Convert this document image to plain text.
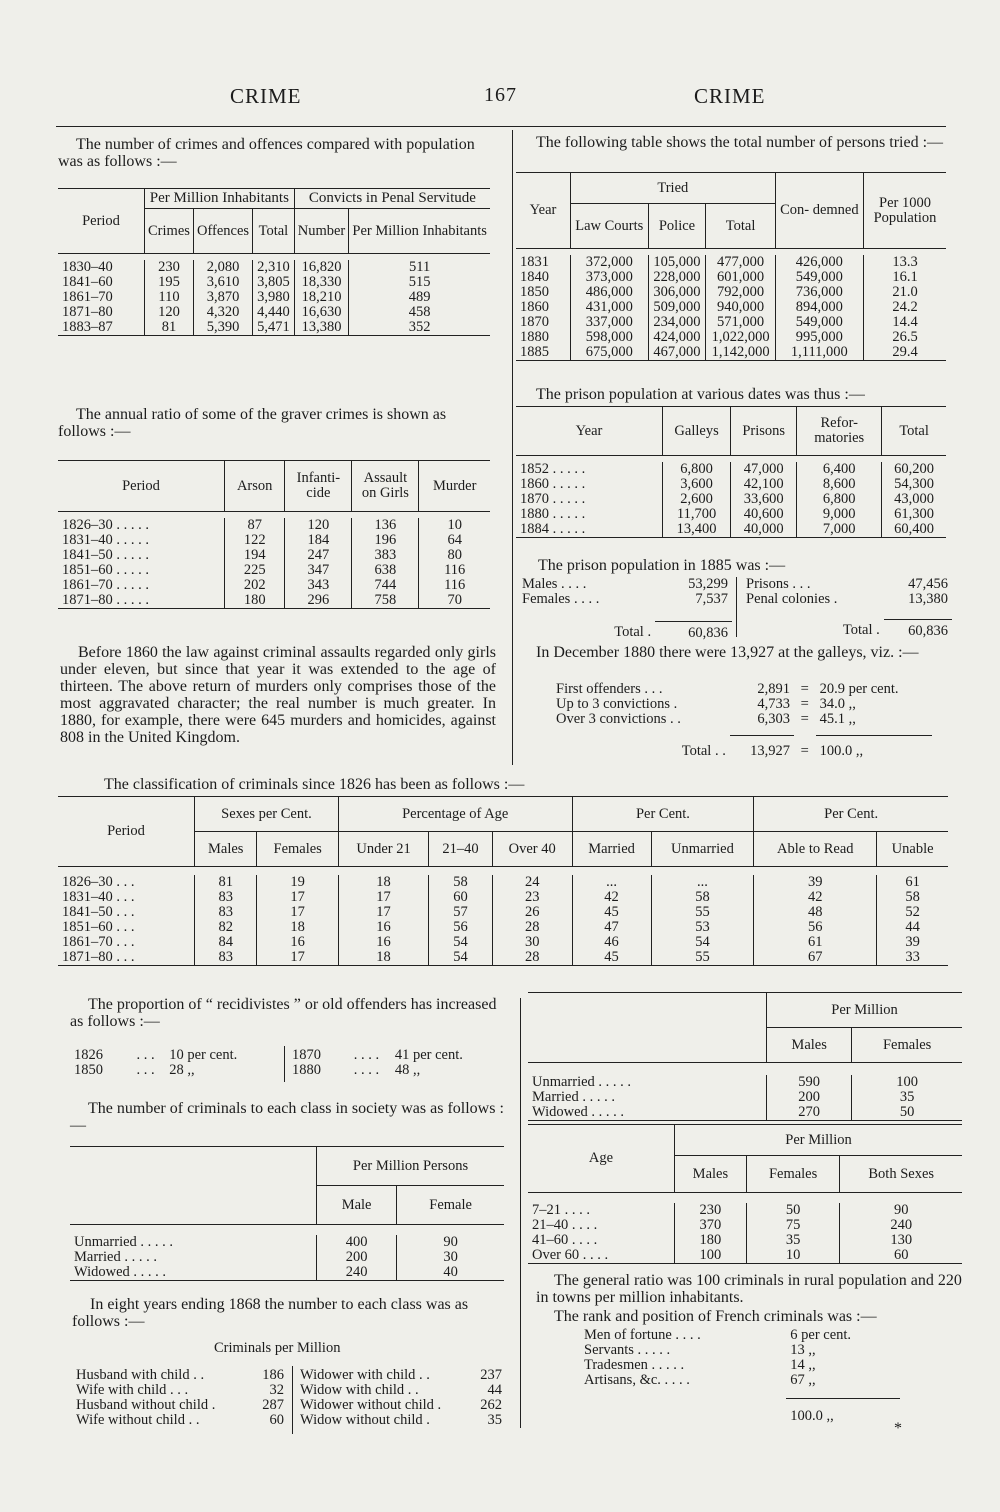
CRIME	167	CRIME

The number of crimes and offences compared with population was as follows :—

Period	Per Million Inhabitants			Convicts in Penal Servitude	
	Crimes	Offences	Total	Number	Per Million Inhabitants

1830–40	230	2,080	2,310	16,820	511
1841–60	195	3,610	3,805	18,330	515
1861–70	110	3,870	3,980	18,210	489
1871–80	120	4,320	4,440	16,630	458
1883–87	81	5,390	5,471	13,380	352

The annual ratio of some of the graver crimes is shown as follows :—

Period	Arson	Infanti- cide	Assault on Girls	Murder

1826–30 . . . . .	87	120	136	10
1831–40 . . . . .	122	184	196	64
1841–50 . . . . .	194	247	383	80
1851–60 . . . . .	225	347	638	116
1861–70 . . . . .	202	343	744	116
1871–80 . . . . .	180	296	758	70

Before 1860 the law against criminal assaults regarded only girls under eleven, but since that year it was extended to the age of thirteen. The above return of murders only comprises those of the most aggravated character; the real number is much greater. In 1880, for example, there were 645 murders and homicides, against 808 in the United Kingdom.

The following table shows the total number of persons tried :—

Year	Tried			Con- demned	Per 1000 Population
	Law Courts	Police	Total		

1831	372,000	105,000	477,000	426,000	13.3
1840	373,000	228,000	601,000	549,000	16.1
1850	486,000	306,000	792,000	736,000	21.0
1860	431,000	509,000	940,000	894,000	24.2
1870	337,000	234,000	571,000	549,000	14.4
1880	598,000	424,000	1,022,000	995,000	26.5
1885	675,000	467,000	1,142,000	1,111,000	29.4

The prison population at various dates was thus :—

Year	Galleys	Prisons	Refor- matories	Total

1852 . . . . .	6,800	47,000	6,400	60,200
1860 . . . . .	3,600	42,100	8,600	54,300
1870 . . . . .	2,600	33,600	6,800	43,000
1880 . . . . .	11,700	40,600	9,000	61,300
1884 . . . . .	13,400	40,000	7,000	60,400

The prison population in 1885 was :—

Males . . . .	53,299
Females . . . .	7,537

Total .	60,836
Prisons . . .	47,456
Penal colonies .	13,380

Total .	60,836

In December 1880 there were 13,927 at the galleys, viz. :—

First offenders . . .	2,891	=	20.9 per cent.
Up to 3 convictions .	4,733	=	34.0 ,,
Over 3 convictions . .	6,303	=	45.1 ,,

Total . .	13,927	=	100.0 ,,

The classification of criminals since 1826 has been as follows :—

Period	Sexes per Cent.		Percentage of Age			Per Cent.		Per Cent.	
	Males	Females	Under 21	21–40	Over 40	Married	Unmarried	Able to Read	Unable

1826–30 . . .	81	19	18	58	24	...	...	39	61
1831–40 . . .	83	17	17	60	23	42	58	42	58
1841–50 . . .	83	17	17	57	26	45	55	48	52
1851–60 . . .	82	18	16	56	28	47	53	56	44
1861–70 . . .	84	16	16	54	30	46	54	61	39
1871–80 . . .	83	17	18	54	28	45	55	67	33

The proportion of “ recidivistes ” or old offenders has increased as follows :—

1826	. . .	10 per cent.
1850	. . .	28 ,,
1870	. . . .	41 per cent.
1880	. . . .	48 ,,

The number of criminals to each class in society was as follows :—

	Per Million Persons	
	Male	Female

Unmarried . . . . .	400	90
Married . . . . .	200	30
Widowed . . . . .	240	40

In eight years ending 1868 the number to each class was as follows :—

Criminals per Million
Husband with child . .	186
Wife with child . . .	32
Husband without child .	287
Wife without child . .	60
Widower with child . .	237
Widow with child . .	44
Widower without child .	262
Widow without child .	35
	Per Million	
	Males	Females

Unmarried . . . . .	590	100
Married . . . . .	200	35
Widowed . . . . .	270	50
Age	Per Million		
	Males	Females	Both Sexes

7–21 . . . .	230	50	90
21–40 . . . .	370	75	240
41–60 . . . .	180	35	130
Over 60 . . . .	100	10	60

The general ratio was 100 criminals in rural population and 220 in towns per million inhabitants.

The rank and position of French criminals was :—

Men of fortune . . . .	6 per cent.
Servants . . . . .	13 ,,
Tradesmen . . . . .	14 ,,
Artisans, &c. . . . .	67 ,,

	100.0 ,,
*
